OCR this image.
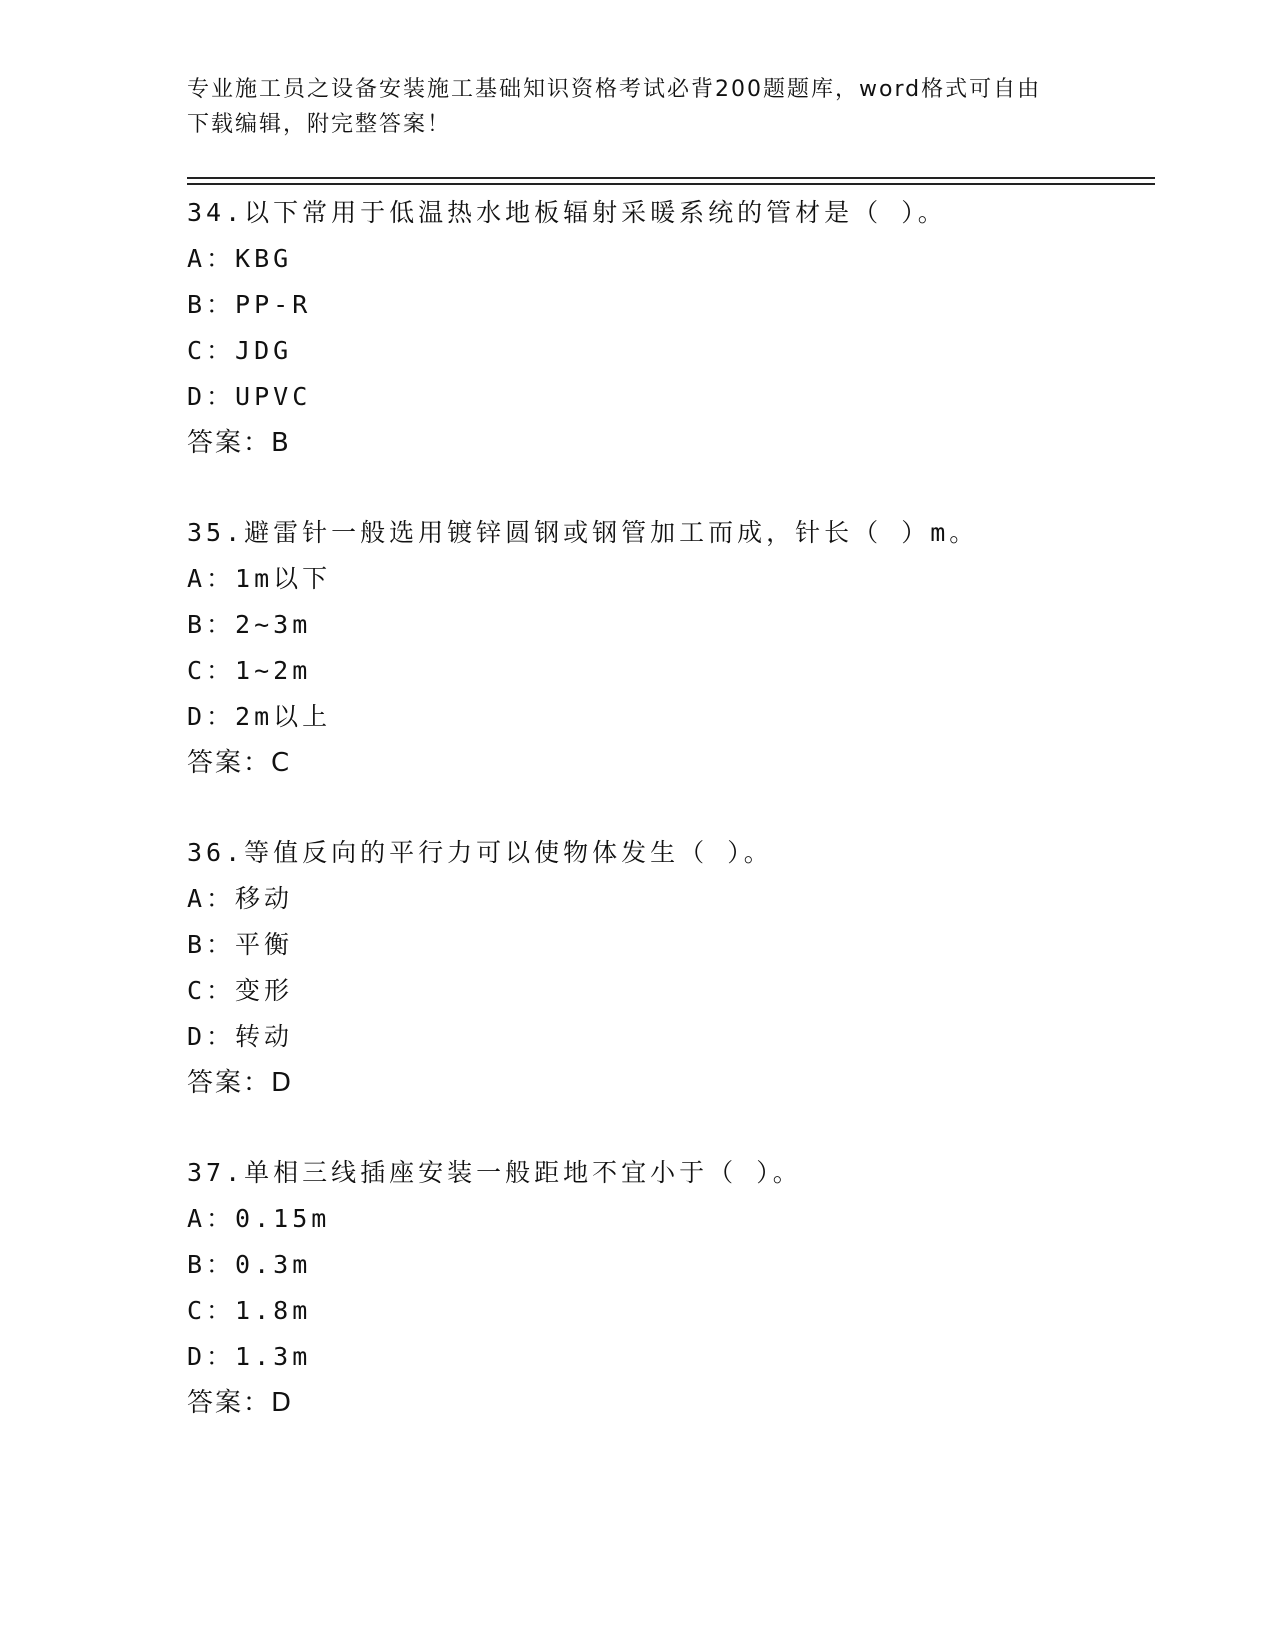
专业施工员之设备安装施工基础知识资格考试必背200题题库，word格式可自由
下载编辑，附完整答案！
34.以下常用于低温热水地板辐射采暖系统的管材是（ ）。
A：KBG
B：PP-R
C：JDG
D：UPVC
答案：B
35.避雷针一般选用镀锌圆钢或钢管加工而成，针长（ ）m。
A：1m以下
B：2~3m
C：1~2m
D：2m以上
答案：C
36.等值反向的平行力可以使物体发生（ ）。
A：移动
B：平衡
C：变形
D：转动
答案：D
37.单相三线插座安装一般距地不宜小于（ ）。
A：0.15m
B：0.3m
C：1.8m
D：1.3m
答案：D
